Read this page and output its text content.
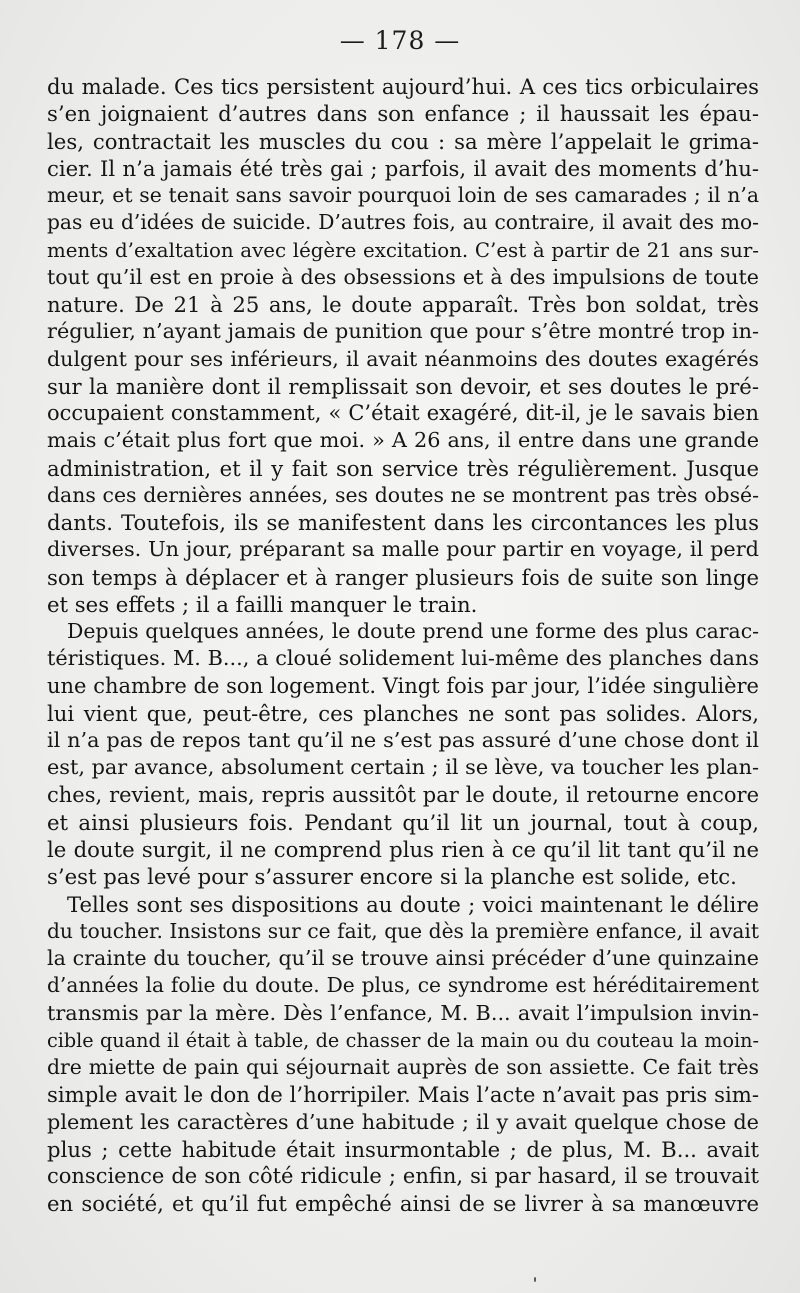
— 178 —
du malade. Ces tics persistent aujourd’hui. A ces tics orbiculaires
s’en joignaient d’autres dans son enfance ; il haussait les épau-
les, contractait les muscles du cou : sa mère l’appelait le grima-
cier. Il n’a jamais été très gai ; parfois, il avait des moments d’hu-
meur, et se tenait sans savoir pourquoi loin de ses camarades ; il n’a
pas eu d’idées de suicide. D’autres fois, au contraire, il avait des mo-
ments d’exaltation avec légère excitation. C’est à partir de 21 ans sur-
tout qu’il est en proie à des obsessions et à des impulsions de toute
nature. De 21 à 25 ans, le doute apparaît. Très bon soldat, très
régulier, n’ayant jamais de punition que pour s’être montré trop in-
dulgent pour ses inférieurs, il avait néanmoins des doutes exagérés
sur la manière dont il remplissait son devoir, et ses doutes le pré-
occupaient constamment, « C’était exagéré, dit-il, je le savais bien
mais c’était plus fort que moi. » A 26 ans, il entre dans une grande
administration, et il y fait son service très régulièrement. Jusque
dans ces dernières années, ses doutes ne se montrent pas très obsé-
dants. Toutefois, ils se manifestent dans les circontances les plus
diverses. Un jour, préparant sa malle pour partir en voyage, il perd
son temps à déplacer et à ranger plusieurs fois de suite son linge
et ses effets ; il a failli manquer le train.
Depuis quelques années, le doute prend une forme des plus carac-
téristiques. M. B..., a cloué solidement lui-même des planches dans
une chambre de son logement. Vingt fois par jour, l’idée singulière
lui vient que, peut-être, ces planches ne sont pas solides. Alors,
il n’a pas de repos tant qu’il ne s’est pas assuré d’une chose dont il
est, par avance, absolument certain ; il se lève, va toucher les plan-
ches, revient, mais, repris aussitôt par le doute, il retourne encore
et ainsi plusieurs fois. Pendant qu’il lit un journal, tout à coup,
le doute surgit, il ne comprend plus rien à ce qu’il lit tant qu’il ne
s’est pas levé pour s’assurer encore si la planche est solide, etc.
Telles sont ses dispositions au doute ; voici maintenant le délire
du toucher. Insistons sur ce fait, que dès la première enfance, il avait
la crainte du toucher, qu’il se trouve ainsi précéder d’une quinzaine
d’années la folie du doute. De plus, ce syndrome est héréditairement
transmis par la mère. Dès l’enfance, M. B... avait l’impulsion invin-
cible quand il était à table, de chasser de la main ou du couteau la moin-
dre miette de pain qui séjournait auprès de son assiette. Ce fait très
simple avait le don de l’horripiler. Mais l’acte n’avait pas pris sim-
plement les caractères d’une habitude ; il y avait quelque chose de
plus ; cette habitude était insurmontable ; de plus, M. B... avait
conscience de son côté ridicule ; enfin, si par hasard, il se trouvait
en société, et qu’il fut empêché ainsi de se livrer à sa manœuvre
